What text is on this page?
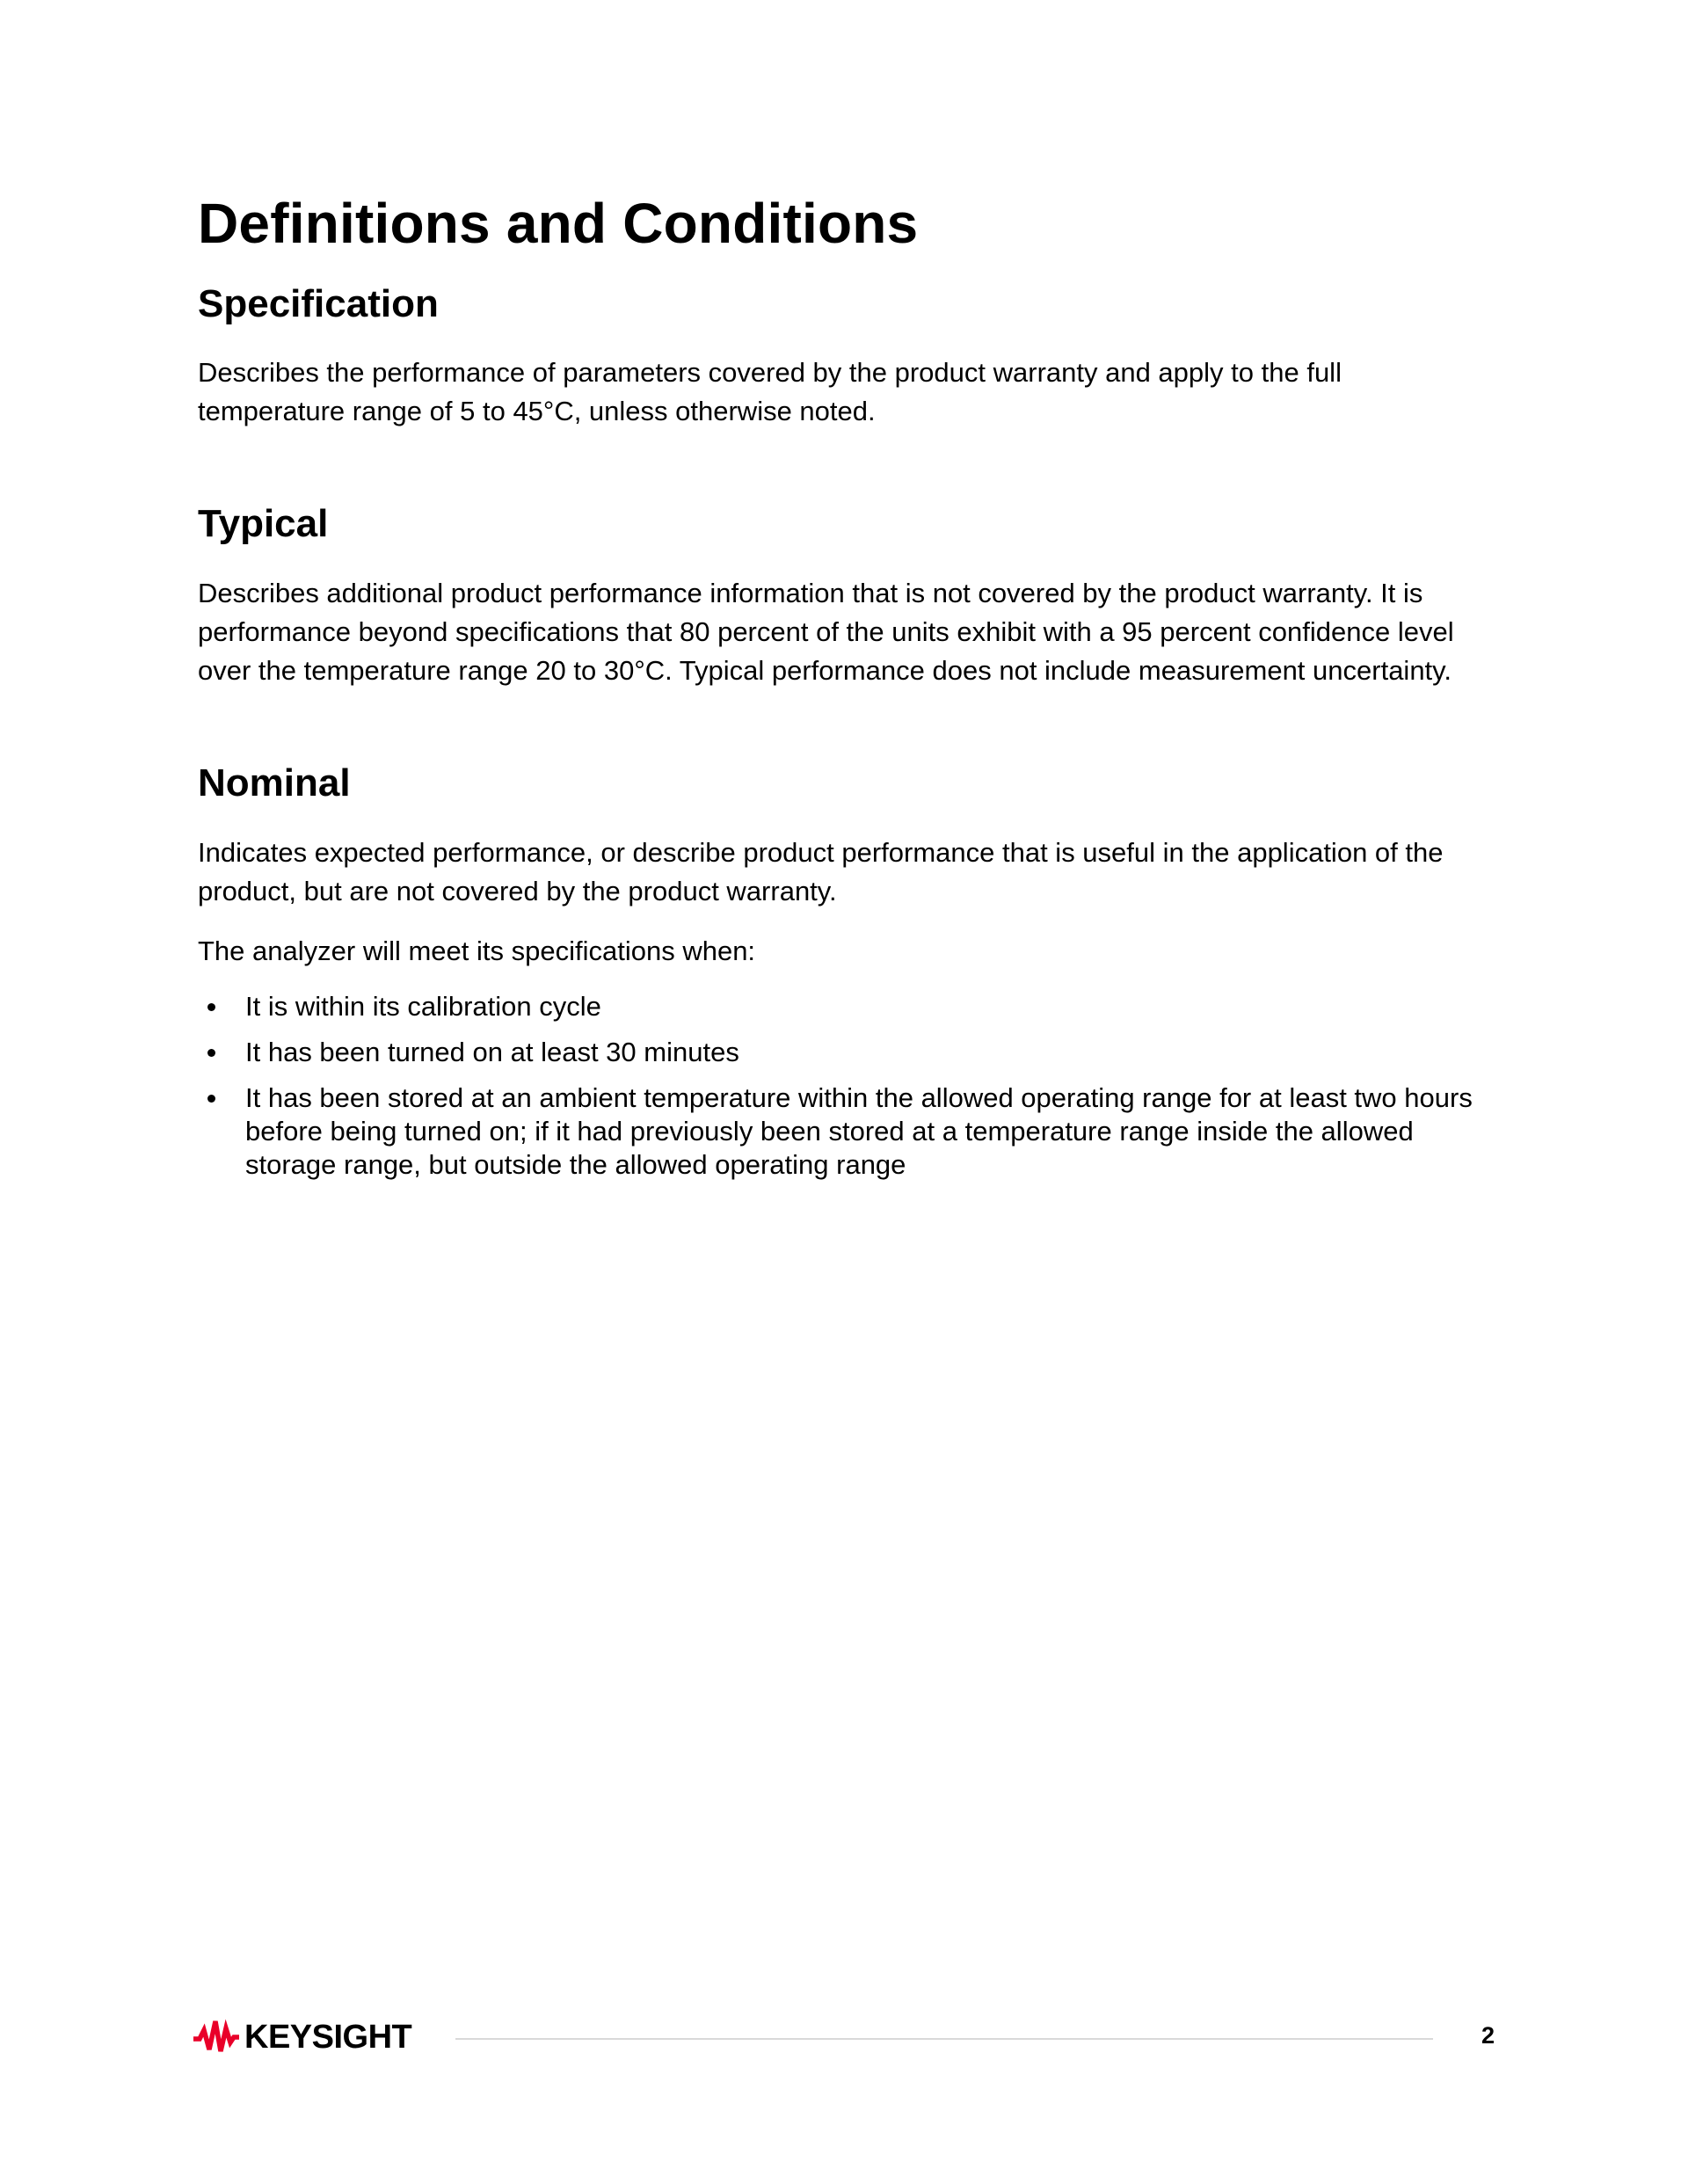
Definitions and Conditions
Specification

Describes the performance of parameters covered by the product warranty and apply to the full temperature range of 5 to 45°C, unless otherwise noted.

Typical

Describes additional product performance information that is not covered by the product warranty. It is performance beyond specifications that 80 percent of the units exhibit with a 95 percent confidence level over the temperature range 20 to 30°C. Typical performance does not include measurement uncertainty.

Nominal

Indicates expected performance, or describe product performance that is useful in the application of the product, but are not covered by the product warranty.

The analyzer will meet its specifications when:

It is within its calibration cycle
It has been turned on at least 30 minutes
It has been stored at an ambient temperature within the allowed operating range for at least two hours before being turned on; if it had previously been stored at a temperature range inside the allowed storage range, but outside the allowed operating range
KEYSIGHT	2
